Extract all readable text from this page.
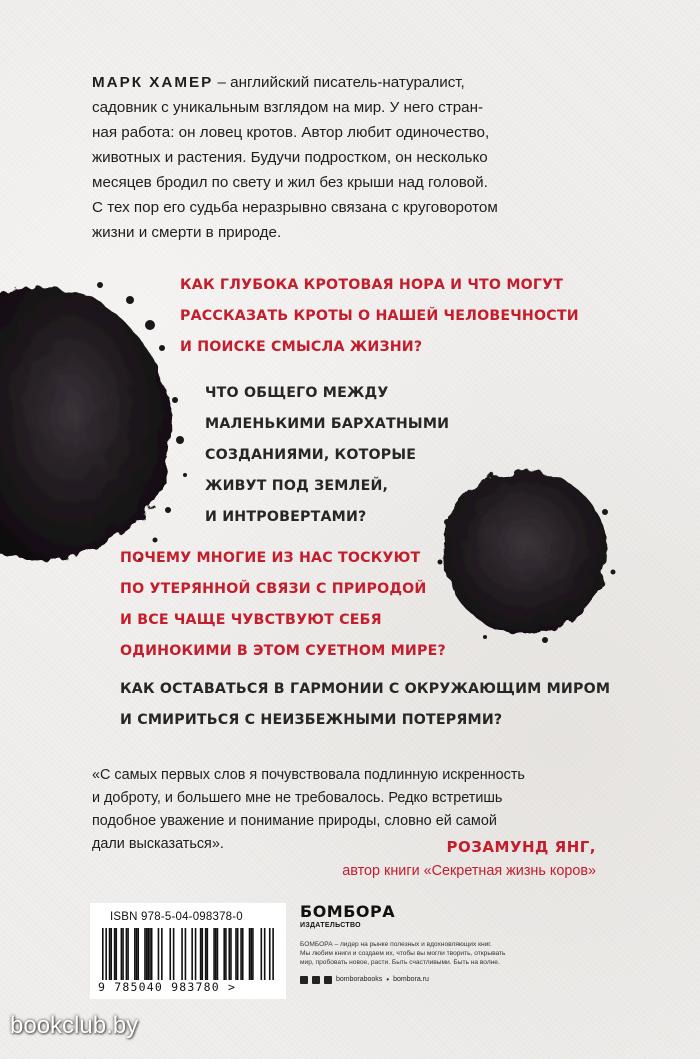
МАРК ХАМЕР – английский писатель-натуралист,
садовник с уникальным взглядом на мир. У него стран-
ная работа: он ловец кротов. Автор любит одиночество,
животных и растения. Будучи подростком, он несколько
месяцев бродил по свету и жил без крыши над головой.
С тех пор его судьба неразрывно связана с круговоротом
жизни и смерти в природе.

КАК ГЛУБОКА КРОТОВАЯ НОРА И ЧТО МОГУТ
РАССКАЗАТЬ КРОТЫ О НАШЕЙ ЧЕЛОВЕЧНОСТИ
И ПОИСКЕ СМЫСЛА ЖИЗНИ?

ЧТО ОБЩЕГО МЕЖДУ
МАЛЕНЬКИМИ БАРХАТНЫМИ
СОЗДАНИЯМИ, КОТОРЫЕ
ЖИВУТ ПОД ЗЕМЛЕЙ,
И ИНТРОВЕРТАМИ?

ПОЧЕМУ МНОГИЕ ИЗ НАС ТОСКУЮТ
ПО УТЕРЯННОЙ СВЯЗИ С ПРИРОДОЙ
И ВСЕ ЧАЩЕ ЧУВСТВУЮТ СЕБЯ
ОДИНОКИМИ В ЭТОМ СУЕТНОМ МИРЕ?

КАК ОСТАВАТЬСЯ В ГАРМОНИИ С ОКРУЖАЮЩИМ МИРОМ
И СМИРИТЬСЯ С НЕИЗБЕЖНЫМИ ПОТЕРЯМИ?

«С самых первых слов я почувствовала подлинную искренность
и доброту, и большего мне не требовалось. Редко встретишь
подобное уважение и понимание природы, словно ей самой
дали высказаться».	РОЗАМУНД ЯНГ,
автор книги «Секретная жизнь коров»
ISBN 978-5-04-098378-0
9 785040 983780 >
БОМБОРА
ИЗДАТЕЛЬСТВО
БОМБОРА – лидер на рынке полезных и вдохновляющих книг.
Мы любим книги и создаем их, чтобы вы могли творить, открывать
мир, пробовать новое, расти. Быть счастливыми. Быть на волне.
bomborabooks • bombora.ru
bookclub.by
